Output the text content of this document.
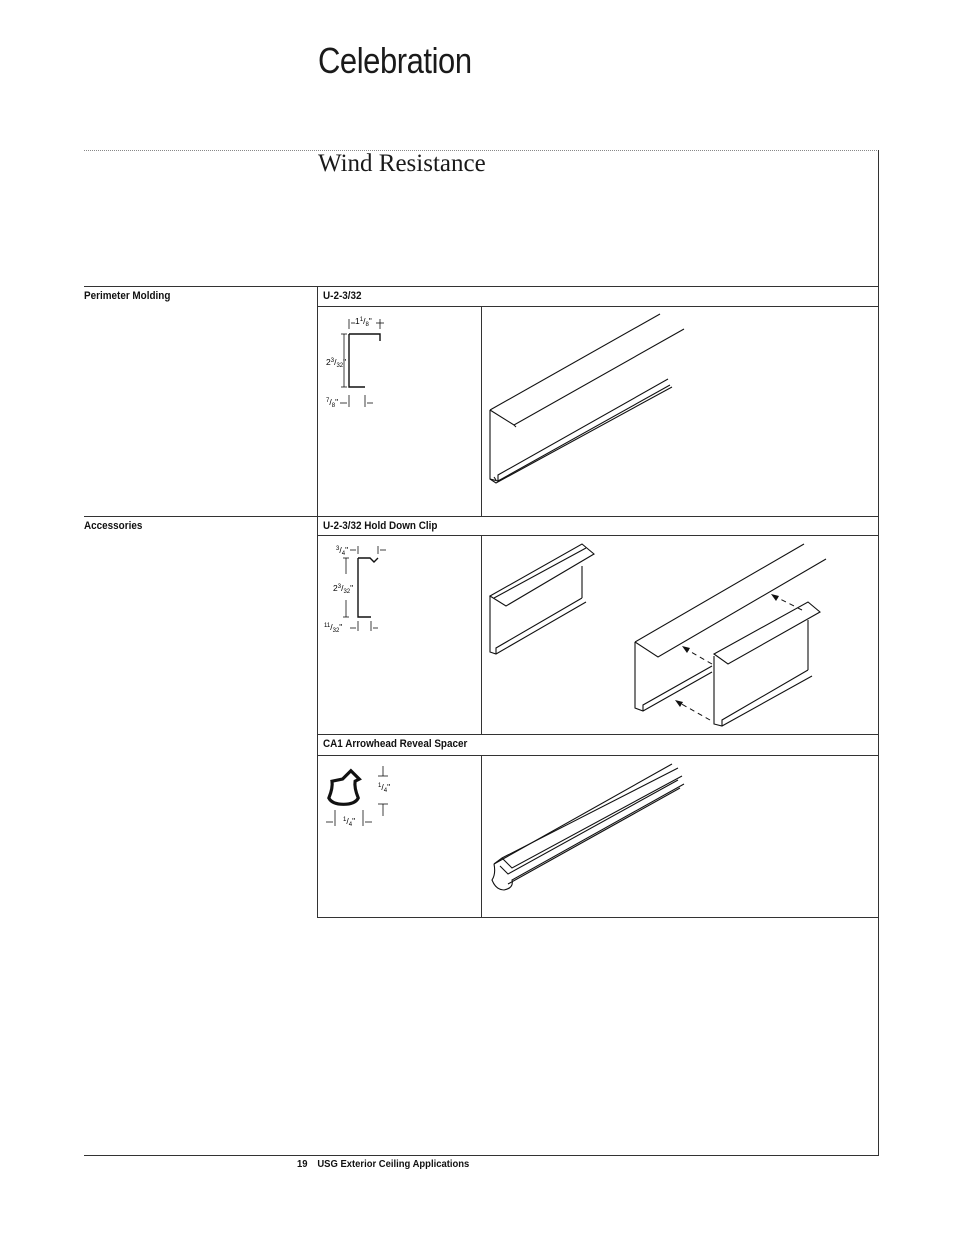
Celebration
Wind Resistance
Perimeter Molding	U-2-3/32
$1^1/_8$"
$2^3/_{32}$"
$^7/_8$"
Accessories	U-2-3/32 Hold Down Clip
$^3/_4$"
$2^3/_{32}$"
$^{11}/_{32}$"
CA1 Arrowhead Reveal Spacer
$^1/_4$"
$^1/_4$"
19 USG Exterior Ceiling Applications
